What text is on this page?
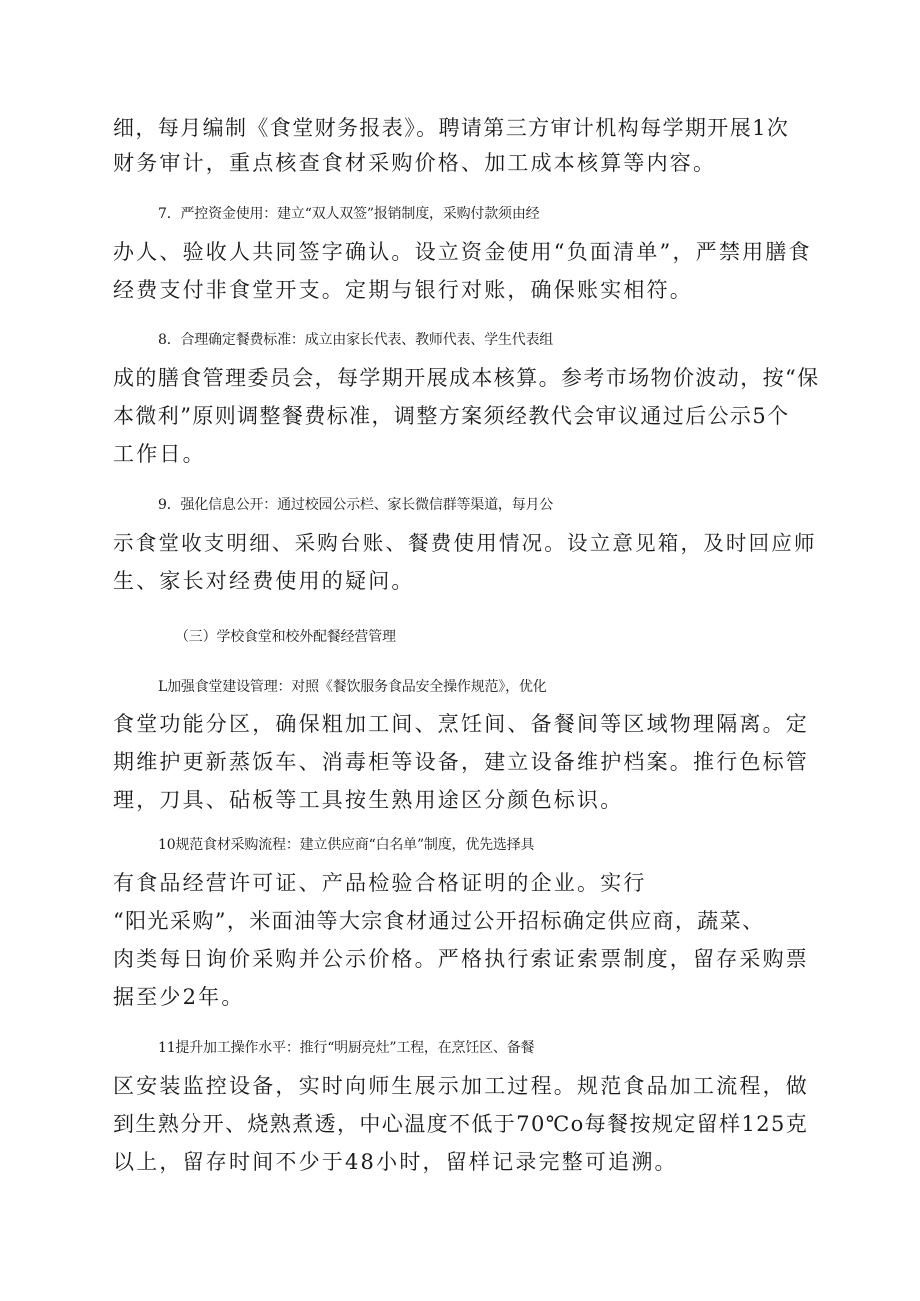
细，每月编制《食堂财务报表》。聘请第三方审计机构每学期开展1次
财务审计，重点核查食材采购价格、加工成本核算等内容。
7．严控资金使用：建立“双人双签”报销制度，采购付款须由经
办人、验收人共同签字确认。设立资金使用“负面清单”，严禁用膳食
经费支付非食堂开支。定期与银行对账，确保账实相符。
8．合理确定餐费标准：成立由家长代表、教师代表、学生代表组
成的膳食管理委员会，每学期开展成本核算。参考市场物价波动，按“保
本微利”原则调整餐费标准，调整方案须经教代会审议通过后公示5个
工作日。
9．强化信息公开：通过校园公示栏、家长微信群等渠道，每月公
示食堂收支明细、采购台账、餐费使用情况。设立意见箱，及时回应师
生、家长对经费使用的疑问。
（三）学校食堂和校外配餐经营管理
L加强食堂建设管理：对照《餐饮服务食品安全操作规范》，优化
食堂功能分区，确保粗加工间、烹饪间、备餐间等区域物理隔离。定
期维护更新蒸饭车、消毒柜等设备，建立设备维护档案。推行色标管
理，刀具、砧板等工具按生熟用途区分颜色标识。
10规范食材采购流程：建立供应商“白名单”制度，优先选择具
有食品经营许可证、产品检验合格证明的企业。实行
“阳光采购”，米面油等大宗食材通过公开招标确定供应商，蔬菜、
肉类每日询价采购并公示价格。严格执行索证索票制度，留存采购票
据至少2年。
11提升加工操作水平：推行“明厨亮灶”工程，在烹饪区、备餐
区安装监控设备，实时向师生展示加工过程。规范食品加工流程，做
到生熟分开、烧熟煮透，中心温度不低于70℃o每餐按规定留样125克
以上，留存时间不少于48小时，留样记录完整可追溯。
